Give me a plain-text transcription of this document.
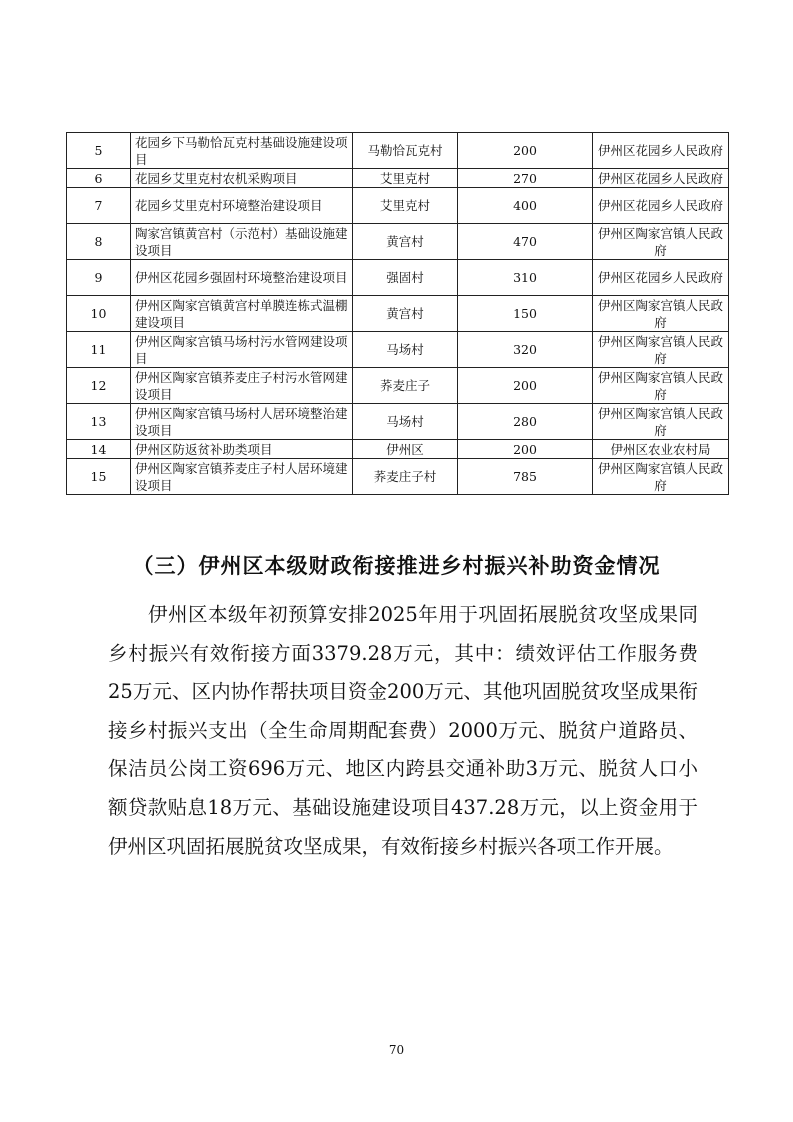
5	花园乡下马勒恰瓦克村基础设施建设项目	马勒恰瓦克村	200	伊州区花园乡人民政府
6	花园乡艾里克村农机采购项目	艾里克村	270	伊州区花园乡人民政府
7	花园乡艾里克村环境整治建设项目	艾里克村	400	伊州区花园乡人民政府
8	陶家宫镇黄宫村（示范村）基础设施建设项目	黄宫村	470	伊州区陶家宫镇人民政府
9	伊州区花园乡强固村环境整治建设项目	强固村	310	伊州区花园乡人民政府
10	伊州区陶家宫镇黄宫村单膜连栋式温棚建设项目	黄宫村	150	伊州区陶家宫镇人民政府
11	伊州区陶家宫镇马场村污水管网建设项目	马场村	320	伊州区陶家宫镇人民政府
12	伊州区陶家宫镇荞麦庄子村污水管网建设项目	荞麦庄子	200	伊州区陶家宫镇人民政府
13	伊州区陶家宫镇马场村人居环境整治建设项目	马场村	280	伊州区陶家宫镇人民政府
14	伊州区防返贫补助类项目	伊州区	200	伊州区农业农村局
15	伊州区陶家宫镇荞麦庄子村人居环境建设项目	荞麦庄子村	785	伊州区陶家宫镇人民政府
（三）伊州区本级财政衔接推进乡村振兴补助资金情况

伊州区本级年初预算安排2025年用于巩固拓展脱贫攻坚成果同乡村振兴有效衔接方面3379.28万元，其中：绩效评估工作服务费25万元、区内协作帮扶项目资金200万元、其他巩固脱贫攻坚成果衔接乡村振兴支出（全生命周期配套费）2000万元、脱贫户道路员、保洁员公岗工资696万元、地区内跨县交通补助3万元、脱贫人口小额贷款贴息18万元、基础设施建设项目437.28万元，以上资金用于伊州区巩固拓展脱贫攻坚成果，有效衔接乡村振兴各项工作开展。

70
